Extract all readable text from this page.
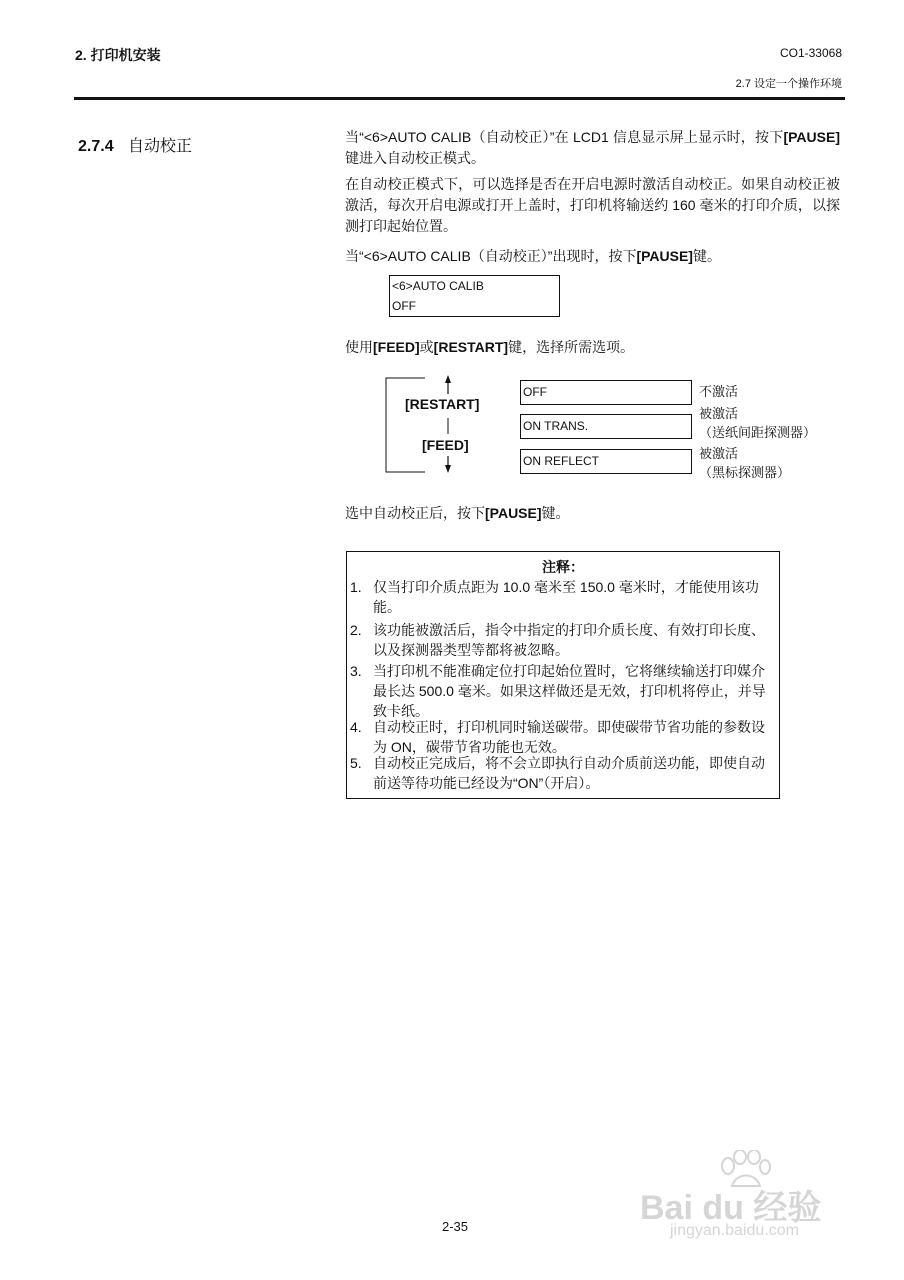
2. 打印机安装	CO1-33068
2.7 设定一个操作环境
2.7.4 自动校正
当“<6>AUTO CALIB（自动校正）”在 LCD1 信息显示屏上显示时，按下[PAUSE]键进入自动校正模式。
在自动校正模式下，可以选择是否在开启电源时激活自动校正。如果自动校正被激活，每次开启电源或打开上盖时，打印机将输送约 160 毫米的打印介质，以探测打印起始位置。
当“<6>AUTO CALIB（自动校正）”出现时，按下[PAUSE]键。
<6>AUTO CALIB
OFF
使用[FEED]或[RESTART]键，选择所需选项。
[RESTART]
[FEED]
OFF
ON TRANS.
ON REFLECT
不激活
被激活
（送纸间距探测器）
被激活
（黑标探测器）
选中自动校正后，按下[PAUSE]键。
注释：
1. 仅当打印介质点距为 10.0 毫米至 150.0 毫米时，才能使用该功能。
2. 该功能被激活后，指令中指定的打印介质长度、有效打印长度、以及探测器类型等都将被忽略。
3. 当打印机不能准确定位打印起始位置时，它将继续输送打印媒介最长达 500.0 毫米。如果这样做还是无效，打印机将停止，并导致卡纸。
4. 自动校正时，打印机同时输送碳带。即使碳带节省功能的参数设为 ON，碳带节省功能也无效。
5. 自动校正完成后，将不会立即执行自动介质前送功能，即使自动前送等待功能已经设为“ON”（开启）。
Bai du 经验
jingyan.baidu.com
2-35
